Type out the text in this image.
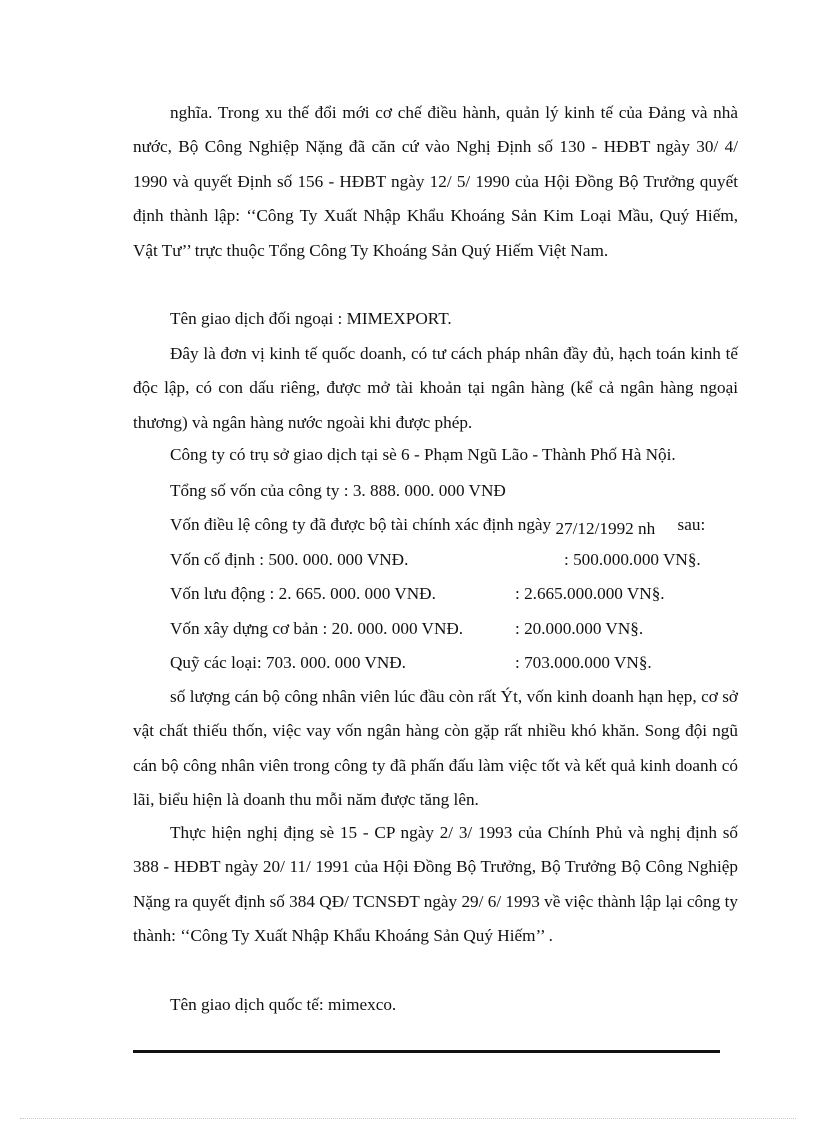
nghĩa. Trong xu thế đổi mới cơ chế điều hành, quản lý kinh tế của Đảng và nhà nước, Bộ Công Nghiệp Nặng đã căn cứ vào Nghị Định số 130 - HĐBT ngày 30/ 4/ 1990 và quyết Định số 156 - HĐBT ngày 12/ 5/ 1990 của Hội Đồng Bộ Trưởng quyết định thành lập: ‘‘Công Ty Xuất Nhập Khẩu Khoáng Sản Kim Loại Mầu, Quý Hiếm, Vật Tư’’ trực thuộc Tổng Công Ty Khoáng Sản Quý Hiếm Việt Nam.

Tên giao dịch đối ngoại : MIMEXPORT.

Đây là đơn vị kinh tế quốc doanh, có tư cách pháp nhân đầy đủ, hạch toán kinh tế độc lập, có con dấu riêng, được mở tài khoản tại ngân hàng (kể cả ngân hàng ngoại thương) và ngân hàng nước ngoài khi được phép.

Công ty có trụ sở giao dịch tại sè 6 - Phạm Ngũ Lão - Thành Phố Hà Nội.

Tổng số vốn của công ty : 3. 888. 000. 000 VNĐ

Vốn điều lệ công ty đã được bộ tài chính xác định ngày 27/12/1992 nh sau:

Vốn cố định : 500. 000. 000 VNĐ.	: 500.000.000 VN§.
Vốn lưu động : 2. 665. 000. 000 VNĐ.	: 2.665.000.000 VN§.
Vốn xây dựng cơ bản : 20. 000. 000 VNĐ.	: 20.000.000 VN§.
Quỹ các loại: 703. 000. 000 VNĐ.	: 703.000.000 VN§.

số lượng cán bộ công nhân viên lúc đầu còn rất Ýt, vốn kinh doanh hạn hẹp, cơ sở vật chất thiếu thốn, việc vay vốn ngân hàng còn gặp rất nhiều khó khăn. Song đội ngũ cán bộ công nhân viên trong công ty đã phấn đấu làm việc tốt và kết quả kinh doanh có lãi, biểu hiện là doanh thu mỗi năm được tăng lên.

Thực hiện nghị địng sè 15 - CP ngày 2/ 3/ 1993 của Chính Phủ và nghị định số 388 - HĐBT ngày 20/ 11/ 1991 của Hội Đồng Bộ Trưởng, Bộ Trưởng Bộ Công Nghiệp Nặng ra quyết định số 384 QĐ/ TCNSĐT ngày 29/ 6/ 1993 về việc thành lập lại công ty thành: ‘‘Công Ty Xuất Nhập Khẩu Khoáng Sản Quý Hiếm’’ .

Tên giao dịch quốc tế: mimexco.
